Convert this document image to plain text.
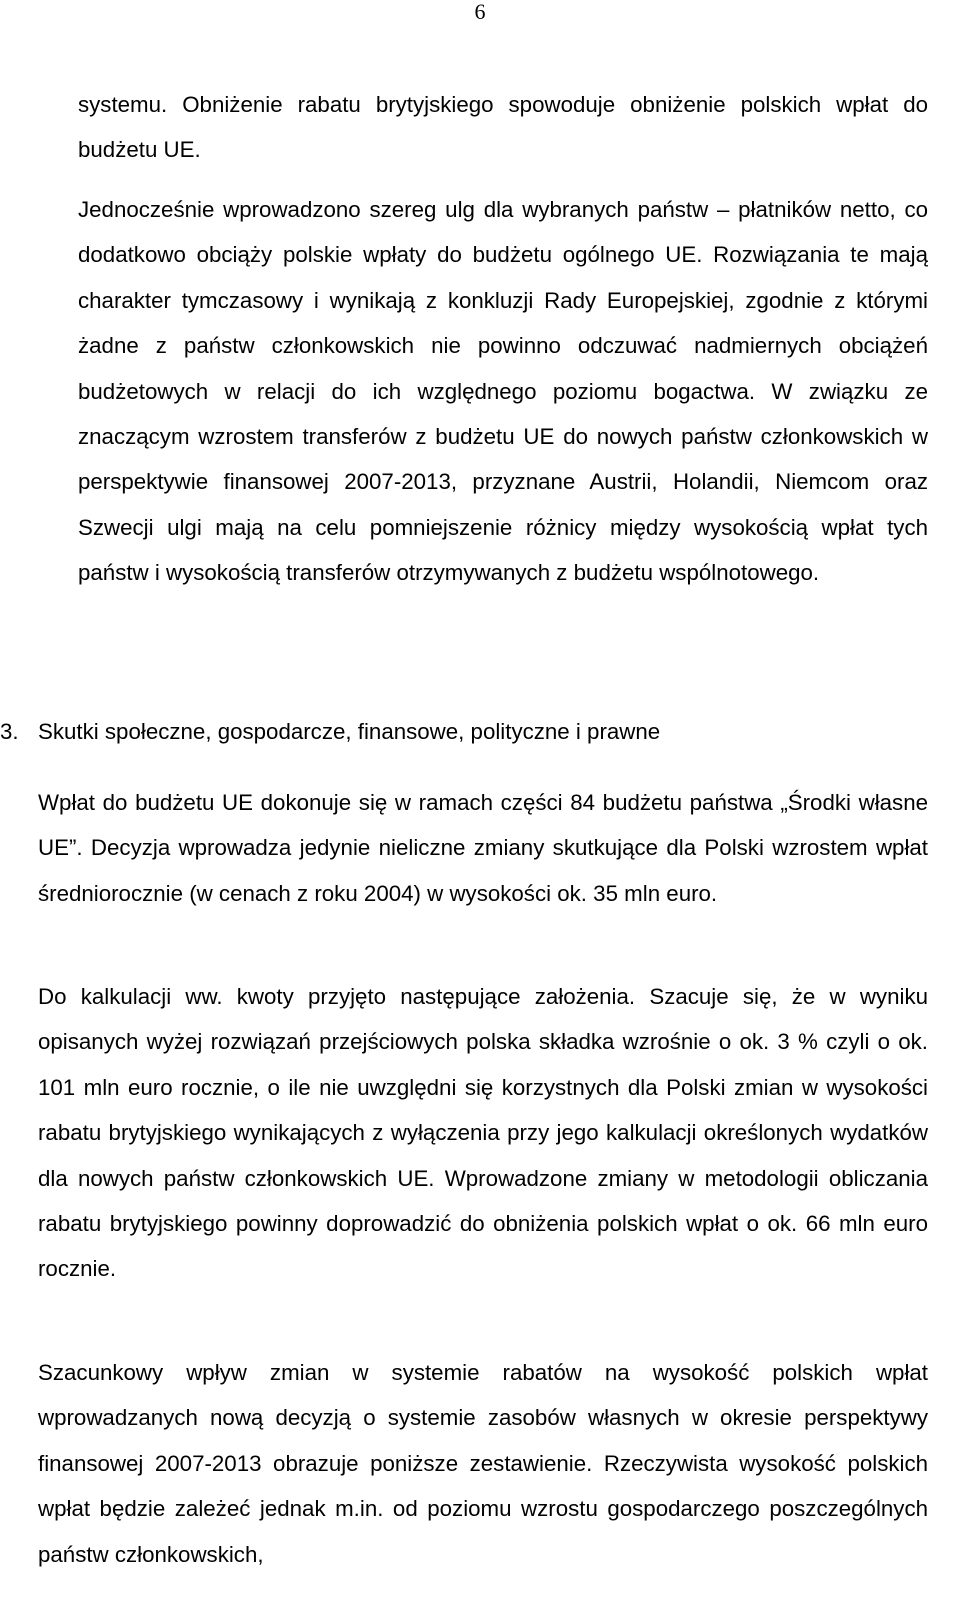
6

systemu. Obniżenie rabatu brytyjskiego spowoduje obniżenie polskich wpłat do budżetu UE.

Jednocześnie wprowadzono szereg ulg dla wybranych państw – płatników netto, co dodatkowo obciąży polskie wpłaty do budżetu ogólnego UE. Rozwiązania te mają charakter tymczasowy i wynikają z konkluzji Rady Europejskiej, zgodnie z którymi żadne z państw członkowskich nie powinno odczuwać nadmiernych obciążeń budżetowych w relacji do ich względnego poziomu bogactwa. W związku ze znaczącym wzrostem transferów z budżetu UE do nowych państw członkowskich w perspektywie finansowej 2007-2013, przyznane Austrii, Holandii, Niemcom oraz Szwecji ulgi mają na celu pomniejszenie różnicy między wysokością wpłat tych państw i wysokością transferów otrzymywanych z budżetu wspólnotowego.

3. Skutki społeczne, gospodarcze, finansowe, polityczne i prawne

Wpłat do budżetu UE dokonuje się w ramach części 84 budżetu państwa „Środki własne UE”. Decyzja wprowadza jedynie nieliczne zmiany skutkujące dla Polski wzrostem wpłat średniorocznie (w cenach z roku 2004) w wysokości ok. 35 mln euro.

Do kalkulacji ww. kwoty przyjęto następujące założenia. Szacuje się, że w wyniku opisanych wyżej rozwiązań przejściowych polska składka wzrośnie o ok. 3 % czyli o ok. 101 mln euro rocznie, o ile nie uwzględni się korzystnych dla Polski zmian w wysokości rabatu brytyjskiego wynikających z wyłączenia przy jego kalkulacji określonych wydatków dla nowych państw członkowskich UE. Wprowadzone zmiany w metodologii obliczania rabatu brytyjskiego powinny doprowadzić do obniżenia polskich wpłat o ok. 66 mln euro rocznie.

Szacunkowy wpływ zmian w systemie rabatów na wysokość polskich wpłat wprowadzanych nową decyzją o systemie zasobów własnych w okresie perspektywy finansowej 2007-2013 obrazuje poniższe zestawienie. Rzeczywista wysokość polskich wpłat będzie zależeć jednak m.in. od poziomu wzrostu gospodarczego poszczególnych państw członkowskich,
